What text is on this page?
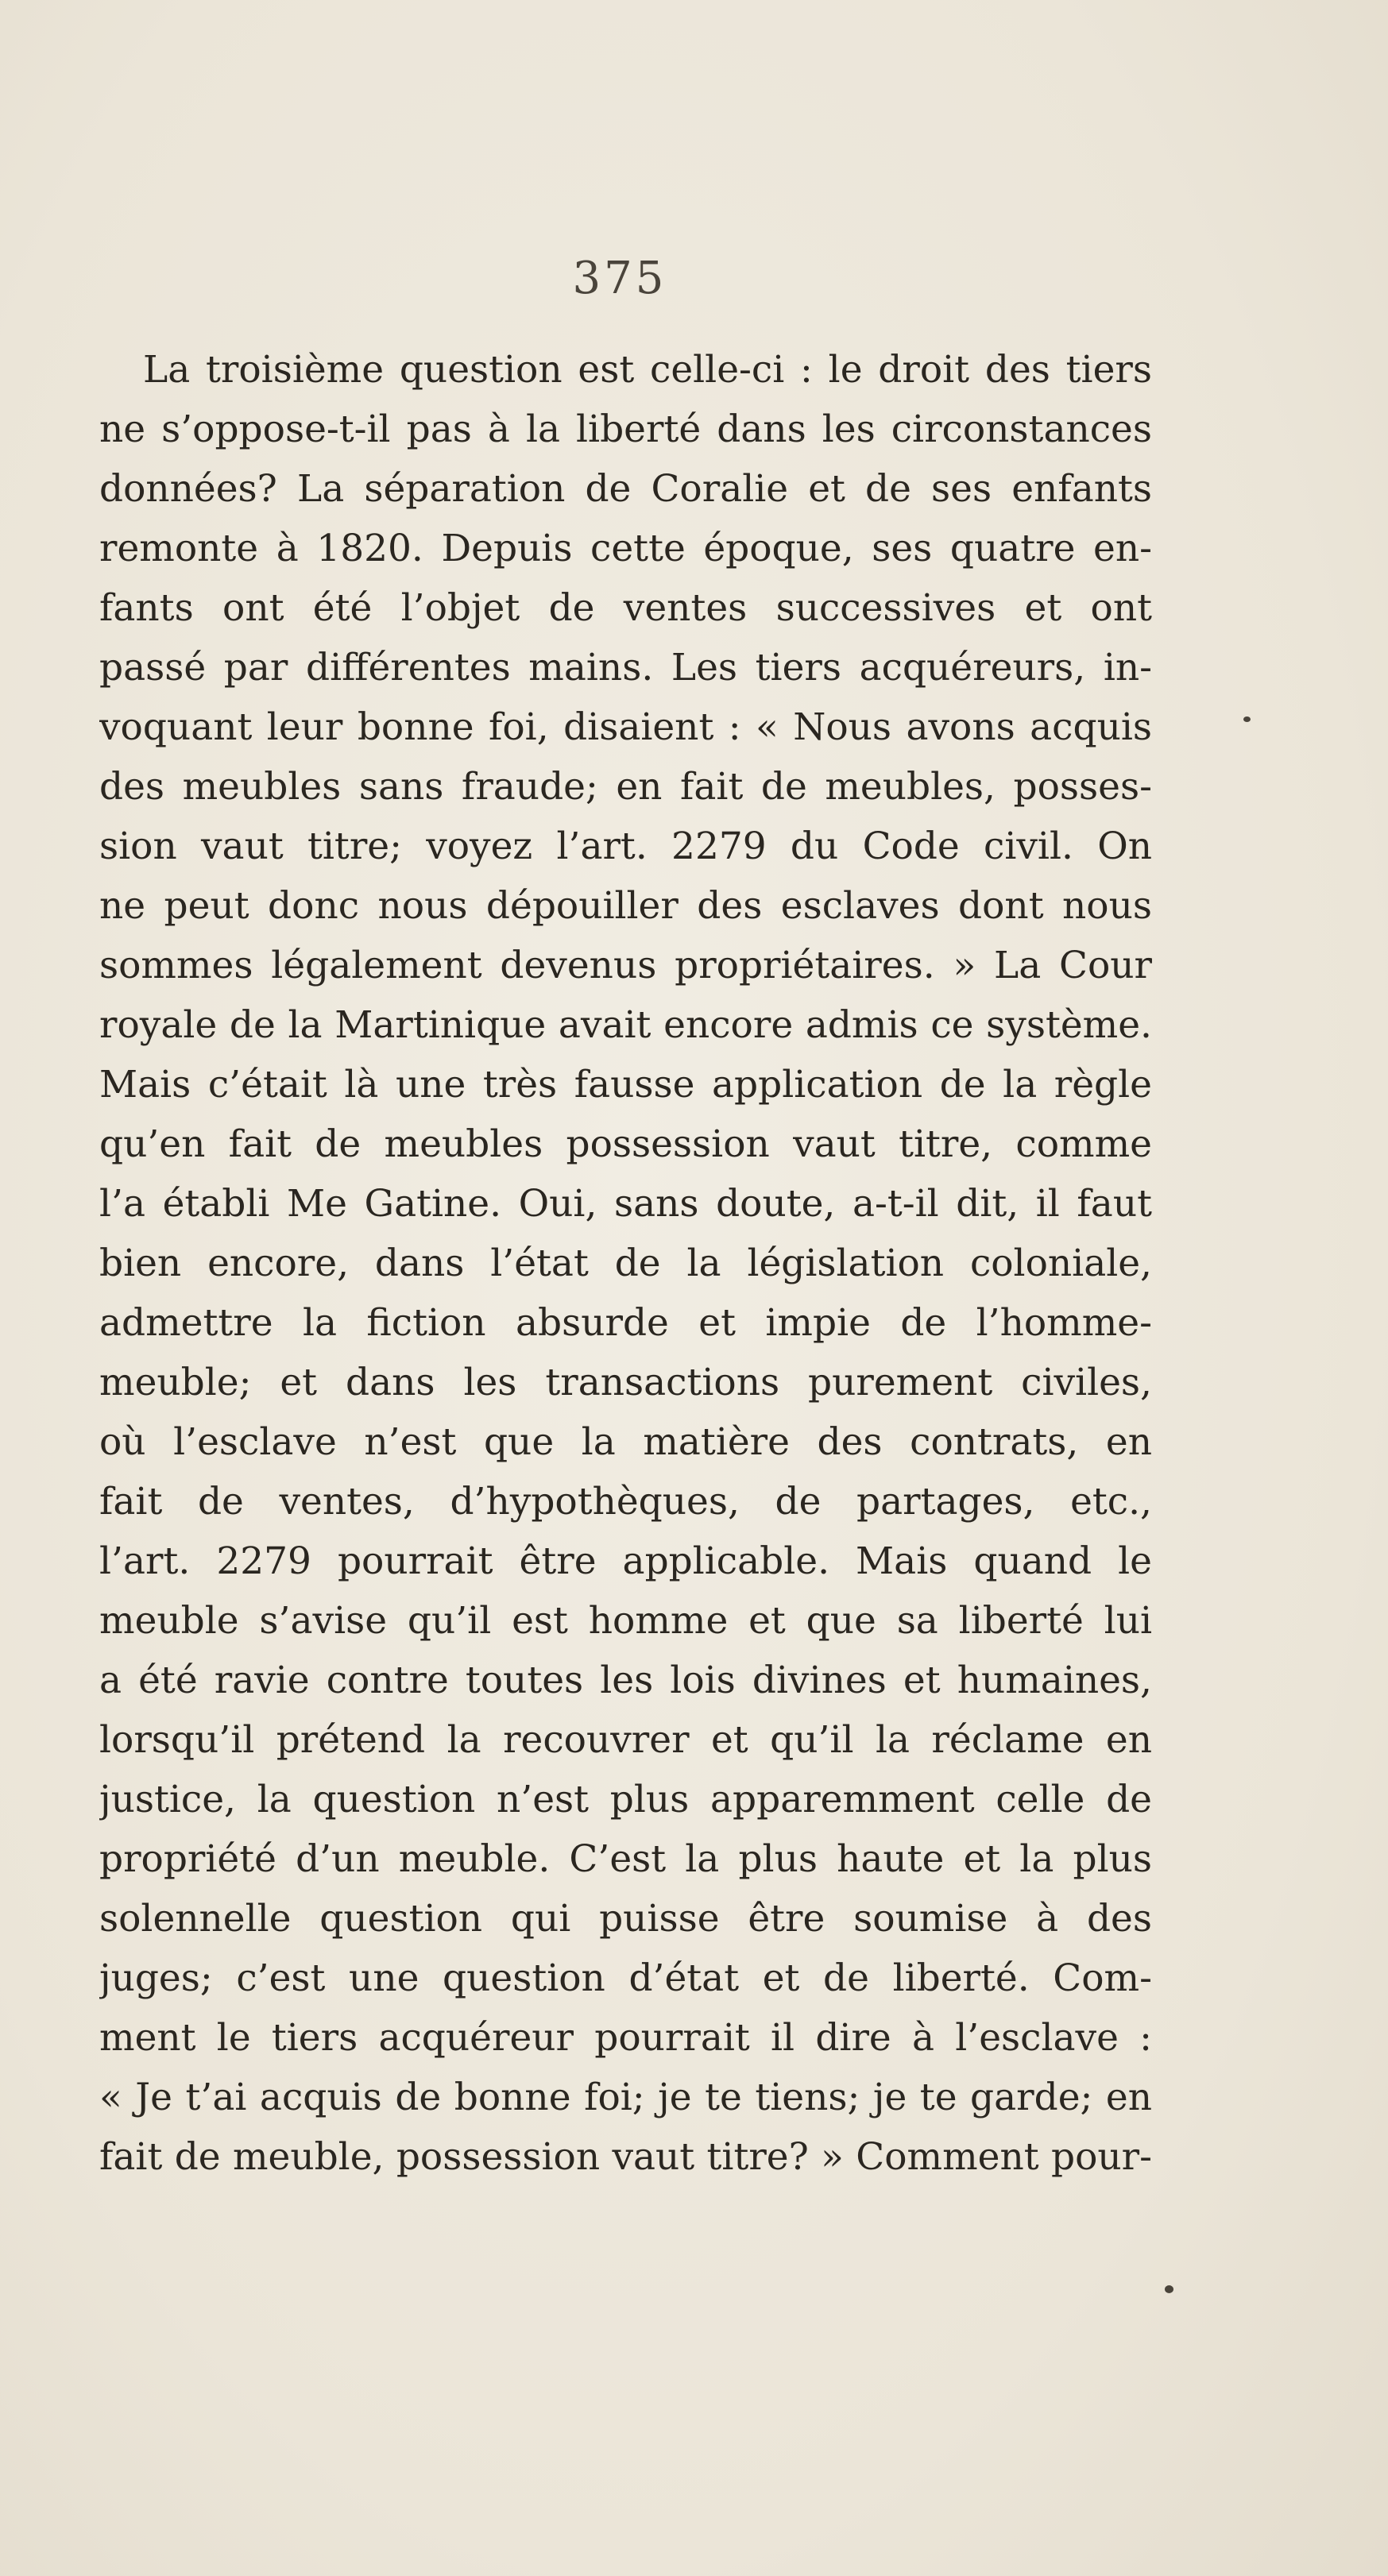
375
La troisième question est celle-ci : le droit des tiers
ne s’oppose-t-il pas à la liberté dans les circonstances
données? La séparation de Coralie et de ses enfants
remonte à 1820. Depuis cette époque, ses quatre en-
fants ont été l’objet de ventes successives et ont
passé par différentes mains. Les tiers acquéreurs, in-
voquant leur bonne foi, disaient : « Nous avons acquis
des meubles sans fraude; en fait de meubles, posses-
sion vaut titre; voyez l’art. 2279 du Code civil. On
ne peut donc nous dépouiller des esclaves dont nous
sommes légalement devenus propriétaires. » La Cour
royale de la Martinique avait encore admis ce système.
Mais c’était là une très fausse application de la règle
qu’en fait de meubles possession vaut titre, comme
l’a établi Me Gatine. Oui, sans doute, a-t-il dit, il faut
bien encore, dans l’état de la législation coloniale,
admettre la fiction absurde et impie de l’homme-
meuble; et dans les transactions purement civiles,
où l’esclave n’est que la matière des contrats, en
fait de ventes, d’hypothèques, de partages, etc.,
l’art. 2279 pourrait être applicable. Mais quand le
meuble s’avise qu’il est homme et que sa liberté lui
a été ravie contre toutes les lois divines et humaines,
lorsqu’il prétend la recouvrer et qu’il la réclame en
justice, la question n’est plus apparemment celle de
propriété d’un meuble. C’est la plus haute et la plus
solennelle question qui puisse être soumise à des
juges; c’est une question d’état et de liberté. Com-
ment le tiers acquéreur pourrait il dire à l’esclave :
« Je t’ai acquis de bonne foi; je te tiens; je te garde; en
fait de meuble, possession vaut titre? » Comment pour-
